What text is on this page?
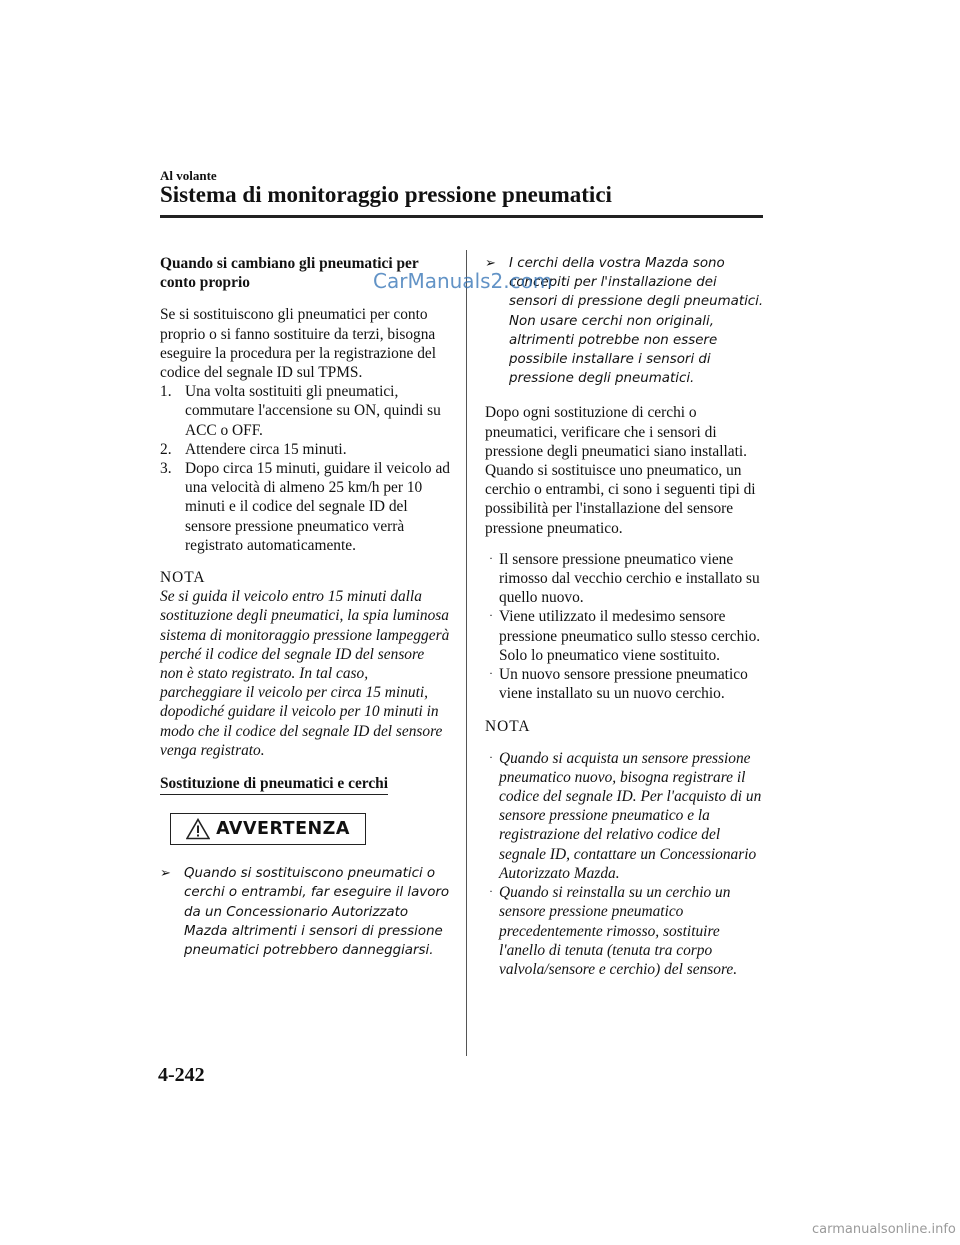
Al volante
Sistema di monitoraggio pressione pneumatici
Quando si cambiano gli pneumatici per conto proprio

Se si sostituiscono gli pneumatici per conto proprio o si fanno sostituire da terzi, bisogna eseguire la procedura per la registrazione del codice del segnale ID sul TPMS.

1. Una volta sostituiti gli pneumatici, commutare l'accensione su ON, quindi su ACC o OFF.
2. Attendere circa 15 minuti.
3. Dopo circa 15 minuti, guidare il veicolo ad una velocità di almeno 25 km/h per 10 minuti e il codice del segnale ID del sensore pressione pneumatico verrà registrato automaticamente.

NOTA

Se si guida il veicolo entro 15 minuti dalla sostituzione degli pneumatici, la spia luminosa sistema di monitoraggio pressione lampeggerà perché il codice del segnale ID del sensore non è stato registrato. In tal caso, parcheggiare il veicolo per circa 15 minuti, dopodiché guidare il veicolo per 10 minuti in modo che il codice del segnale ID del sensore venga registrato.

Sostituzione di pneumatici e cerchi
AVVERTENZA
➢ Quando si sostituiscono pneumatici o cerchi o entrambi, far eseguire il lavoro da un Concessionario Autorizzato Mazda altrimenti i sensori di pressione pneumatici potrebbero danneggiarsi.
➢ I cerchi della vostra Mazda sono concepiti per l'installazione dei sensori di pressione degli pneumatici. Non usare cerchi non originali, altrimenti potrebbe non essere possibile installare i sensori di pressione degli pneumatici.

Dopo ogni sostituzione di cerchi o pneumatici, verificare che i sensori di pressione degli pneumatici siano installati. Quando si sostituisce uno pneumatico, un cerchio o entrambi, ci sono i seguenti tipi di possibilità per l'installazione del sensore pressione pneumatico.

· Il sensore pressione pneumatico viene rimosso dal vecchio cerchio e installato su quello nuovo.
· Viene utilizzato il medesimo sensore pressione pneumatico sullo stesso cerchio. Solo lo pneumatico viene sostituito.
· Un nuovo sensore pressione pneumatico viene installato su un nuovo cerchio.

NOTA

· Quando si acquista un sensore pressione pneumatico nuovo, bisogna registrare il codice del segnale ID. Per l'acquisto di un sensore pressione pneumatico e la registrazione del relativo codice del segnale ID, contattare un Concessionario Autorizzato Mazda.
· Quando si reinstalla su un cerchio un sensore pressione pneumatico precedentemente rimosso, sostituire l'anello di tenuta (tenuta tra corpo valvola/sensore e cerchio) del sensore.
4-242
CarManuals2.com
carmanualsonline.info
